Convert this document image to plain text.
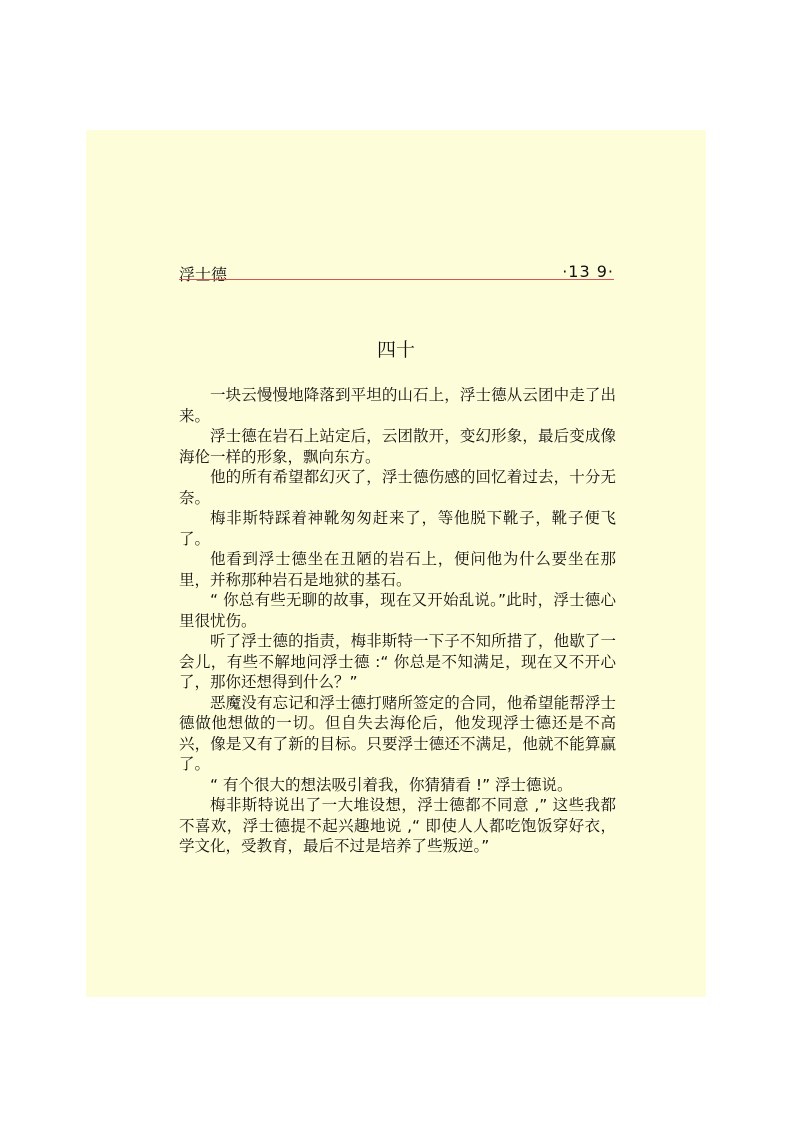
浮士德	·13 9·
四十

一块云慢慢地降落到平坦的山石上，浮士德从云团中走了出来。

浮士德在岩石上站定后，云团散开，变幻形象，最后变成像海伦一样的形象，飘向东方。

他的所有希望都幻灭了，浮士德伤感的回忆着过去，十分无奈。

梅非斯特踩着神靴匆匆赶来了，等他脱下靴子，靴子便飞了。

他看到浮士德坐在丑陋的岩石上，便问他为什么要坐在那里，并称那种岩石是地狱的基石。

“ 你总有些无聊的故事，现在又开始乱说。”此时，浮士德心里很忧伤。

听了浮士德的指责，梅非斯特一下子不知所措了，他歇了一会儿，有些不解地问浮士德 :“ 你总是不知满足，现在又不开心了，那你还想得到什么？”

恶魔没有忘记和浮士德打赌所签定的合同，他希望能帮浮士德做他想做的一切。但自失去海伦后，他发现浮士德还是不高兴，像是又有了新的目标。只要浮士德还不满足，他就不能算赢了。

“ 有个很大的想法吸引着我，你猜猜看 !” 浮士德说。

梅非斯特说出了一大堆设想，浮士德都不同意 ,” 这些我都不喜欢，浮士德提不起兴趣地说 ,“ 即使人人都吃饱饭穿好衣，学文化，受教育，最后不过是培养了些叛逆。”
